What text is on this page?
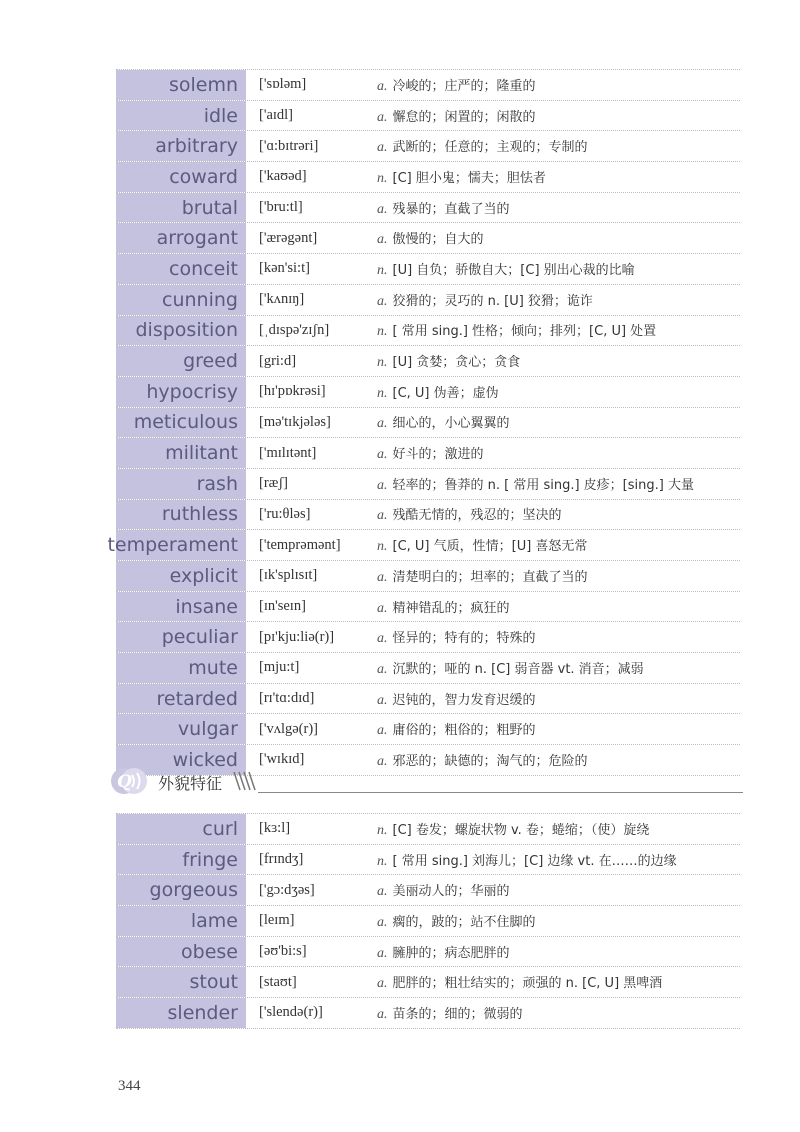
solemn	['sɒləm]	a. 冷峻的；庄严的；隆重的
idle	['aɪdl]	a. 懈怠的；闲置的；闲散的
arbitrary	['ɑ:bɪtrəri]	a. 武断的；任意的；主观的；专制的
coward	['kaʊəd]	n. [C] 胆小鬼；懦夫；胆怯者
brutal	['bru:tl]	a. 残暴的；直截了当的
arrogant	['ærəgənt]	a. 傲慢的；自大的
conceit	[kən'si:t]	n. [U] 自负；骄傲自大；[C] 别出心裁的比喻
cunning	['kʌnɪŋ]	a. 狡猾的；灵巧的 n. [U] 狡猾；诡诈
disposition	[ˌdɪspə'zɪʃn]	n. [ 常用 sing.] 性格；倾向；排列；[C, U] 处置
greed	[gri:d]	n. [U] 贪婪；贪心；贪食
hypocrisy	[hɪ'pɒkrəsi]	n. [C, U] 伪善；虚伪
meticulous	[mə'tɪkjələs]	a. 细心的，小心翼翼的
militant	['mɪlɪtənt]	a. 好斗的；激进的
rash	[ræʃ]	a. 轻率的；鲁莽的 n. [ 常用 sing.] 皮疹；[sing.] 大量
ruthless	['ru:θləs]	a. 残酷无情的，残忍的；坚决的
temperament	['temprəmənt]	n. [C, U] 气质，性情；[U] 喜怒无常
explicit	[ɪk'splɪsɪt]	a. 清楚明白的；坦率的；直截了当的
insane	[ɪn'seɪn]	a. 精神错乱的；疯狂的
peculiar	[pɪ'kju:liə(r)]	a. 怪异的；特有的；特殊的
mute	[mju:t]	a. 沉默的；哑的 n. [C] 弱音器 vt. 消音；减弱
retarded	[rɪ'tɑ:dɪd]	a. 迟钝的，智力发育迟缓的
vulgar	['vʌlgə(r)]	a. 庸俗的；粗俗的；粗野的
wicked	['wɪkɪd]	a. 邪恶的；缺德的；淘气的；危险的
Q 外貌特征
curl	[kɜ:l]	n. [C] 卷发；螺旋状物 v. 卷；蜷缩；（使）旋绕
fringe	[frɪndʒ]	n. [ 常用 sing.] 刘海儿；[C] 边缘 vt. 在……的边缘
gorgeous	['gɔ:dʒəs]	a. 美丽动人的；华丽的
lame	[leɪm]	a. 瘸的，跛的；站不住脚的
obese	[əʊ'bi:s]	a. 臃肿的；病态肥胖的
stout	[staʊt]	a. 肥胖的；粗壮结实的；顽强的 n. [C, U] 黑啤酒
slender	['slendə(r)]	a. 苗条的；细的；微弱的
344
